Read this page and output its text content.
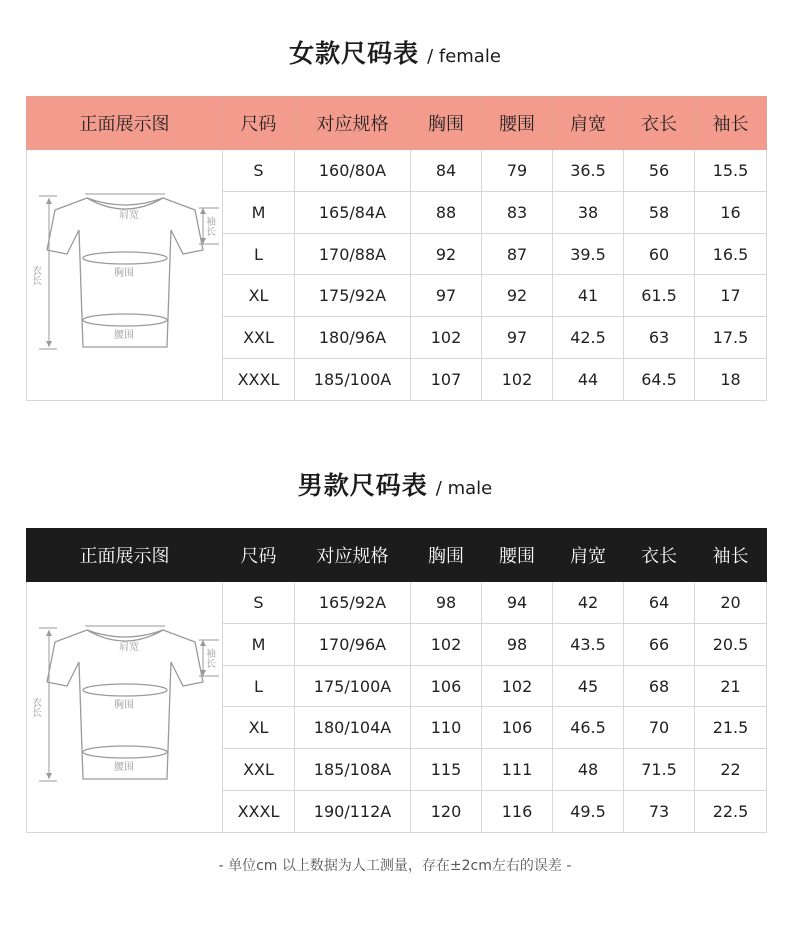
女款尺码表 / female
正面展示图	尺码	对应规格	胸围	腰围	肩宽	衣长	袖长

衣长
肩宽
袖长
胸围
腰围	S	160/80A	84	79	36.5	56	15.5
	M	165/84A	88	83	38	58	16
	L	170/88A	92	87	39.5	60	16.5
	XL	175/92A	97	92	41	61.5	17
	XXL	180/96A	102	97	42.5	63	17.5
	XXXL	185/100A	107	102	44	64.5	18
男款尺码表 / male
正面展示图	尺码	对应规格	胸围	腰围	肩宽	衣长	袖长

衣长
肩宽
袖长
胸围
腰围	S	165/92A	98	94	42	64	20
	M	170/96A	102	98	43.5	66	20.5
	L	175/100A	106	102	45	68	21
	XL	180/104A	110	106	46.5	70	21.5
	XXL	185/108A	115	111	48	71.5	22
	XXXL	190/112A	120	116	49.5	73	22.5
- 单位cm 以上数据为人工测量，存在±2cm左右的误差 -
